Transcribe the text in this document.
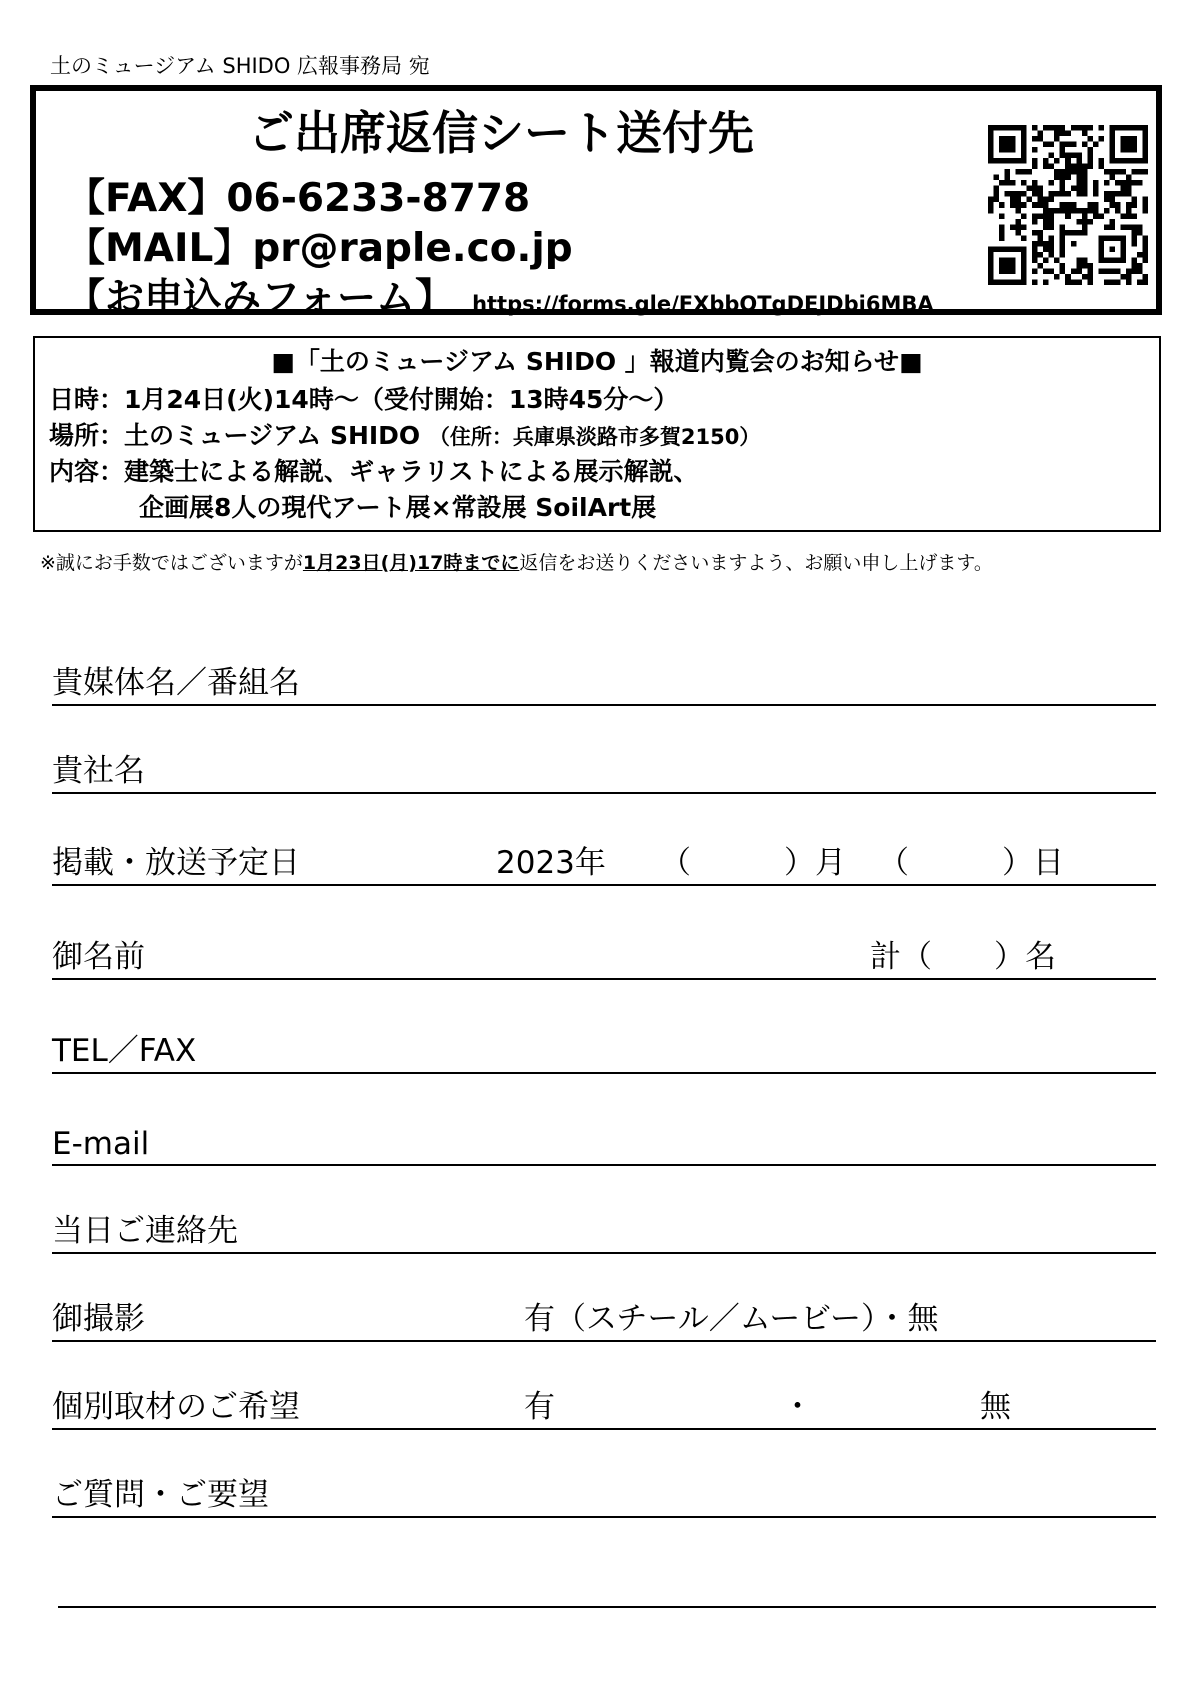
土のミュージアム SHIDO 広報事務局 宛
ご出席返信シート送付先
【FAX】06-6233-8778
【MAIL】pr@raple.co.jp
【お申込みフォーム】 https://forms.gle/FXbbQTgDEJDbi6MBA
■「土のミュージアム SHIDO 」報道内覧会のお知らせ■
日時：1月24日(火)14時～（受付開始：13時45分～）
場所：土のミュージアム SHIDO （住所：兵庫県淡路市多賀2150）
内容：建築士による解説、ギャラリストによる展示解説、
企画展8人の現代アート展×常設展 SoilArt展
※誠にお手数ではございますが1月23日(月)17時までに返信をお送りくださいますよう、お願い申し上げます。
貴媒体名／番組名
貴社名
掲載・放送予定日	2023年 （　　　）月 （　　　）日
御名前	計（　　）名
TEL／FAX
E-mail
当日ご連絡先
御撮影	有（スチール／ムービー）・無
個別取材のご希望	有	・	無
ご質問・ご要望
